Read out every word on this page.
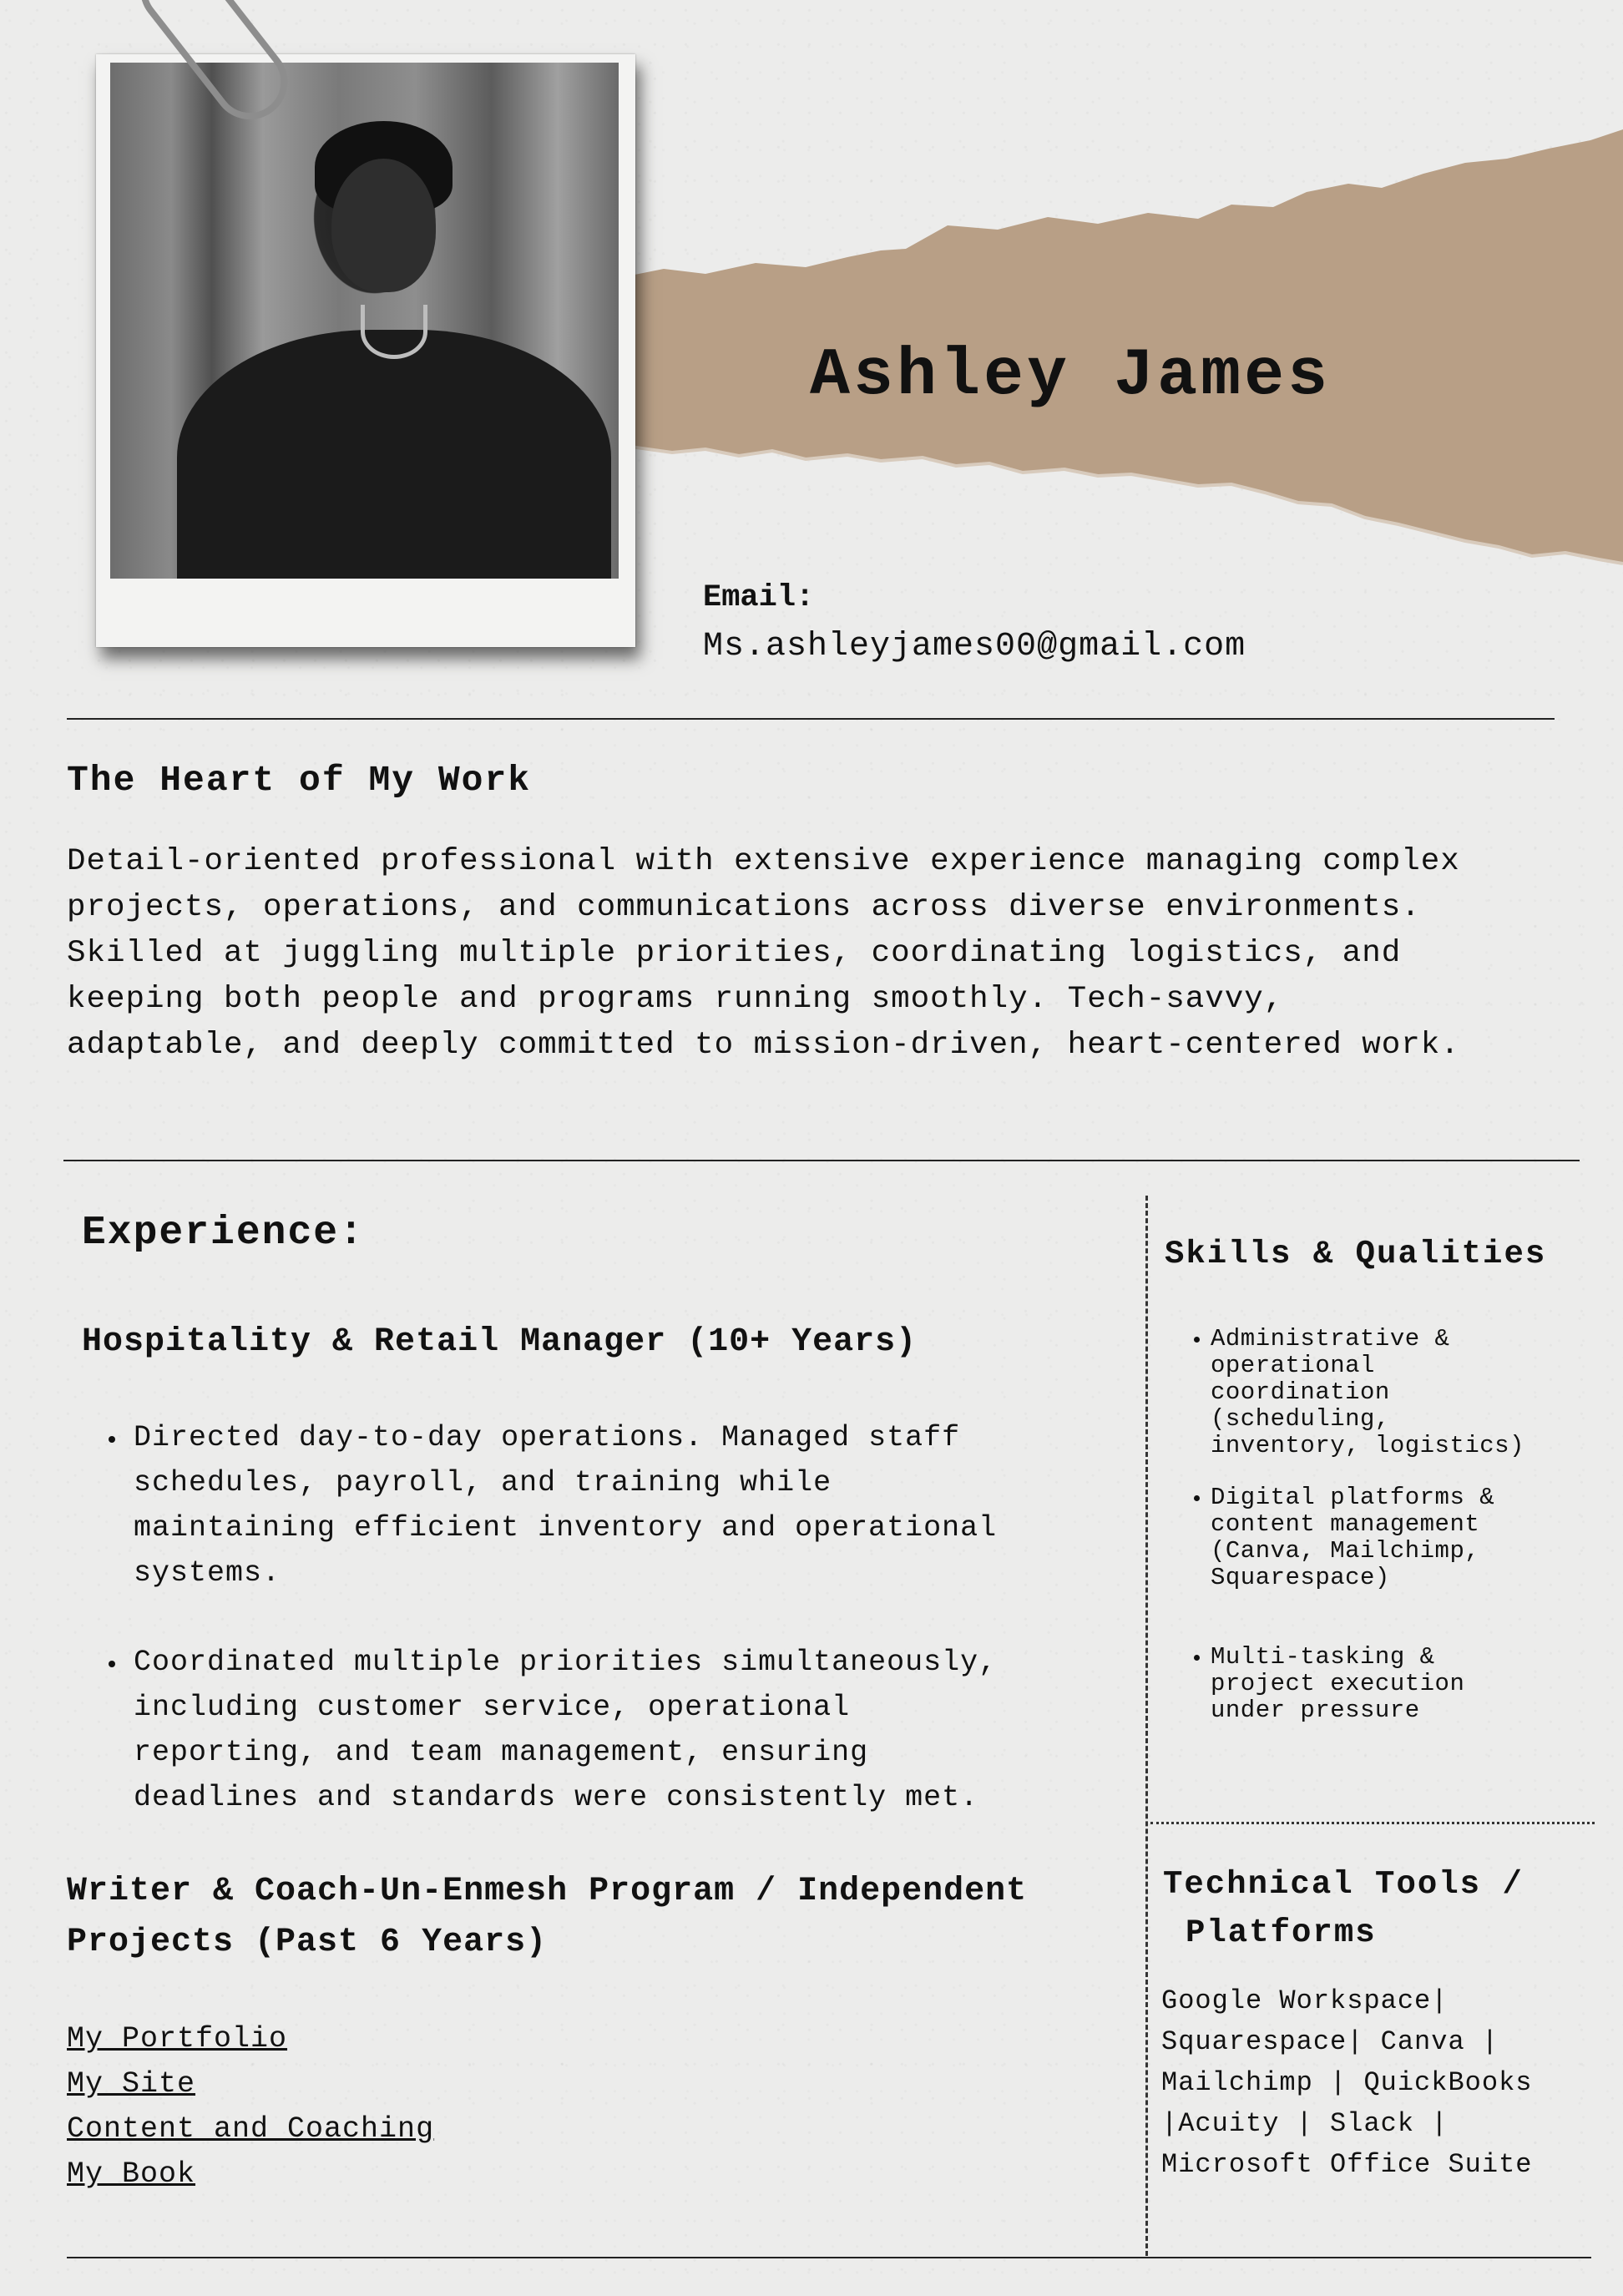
Ashley James
Email:
Ms.ashleyjames00@gmail.com
The Heart of My Work

Detail-oriented professional with extensive experience managing complex

projects, operations, and communications across diverse environments.

Skilled at juggling multiple priorities, coordinating logistics, and

keeping both people and programs running smoothly. Tech-savvy,

adaptable, and deeply committed to mission-driven, heart-centered work.

Experience:
Hospitality & Retail Manager (10+ Years)
Directed day-to-day operations. Managed staff
schedules, payroll, and training while
maintaining efficient inventory and operational
systems.
Coordinated multiple priorities simultaneously,
including customer service, operational
reporting, and team management, ensuring
deadlines and standards were consistently met.
Writer & Coach-Un-Enmesh Program / Independent
Projects (Past 6 Years)
My Portfolio
My Site
Content and Coaching
My Book
Skills & Qualities
Administrative &
operational
coordination
(scheduling,
inventory, logistics)
Digital platforms &
content management
(Canva, Mailchimp,
Squarespace)
Multi-tasking &
project execution
under pressure
Technical Tools /
Platforms
Google Workspace|
Squarespace| Canva |
Mailchimp | QuickBooks
|Acuity | Slack |
Microsoft Office Suite
